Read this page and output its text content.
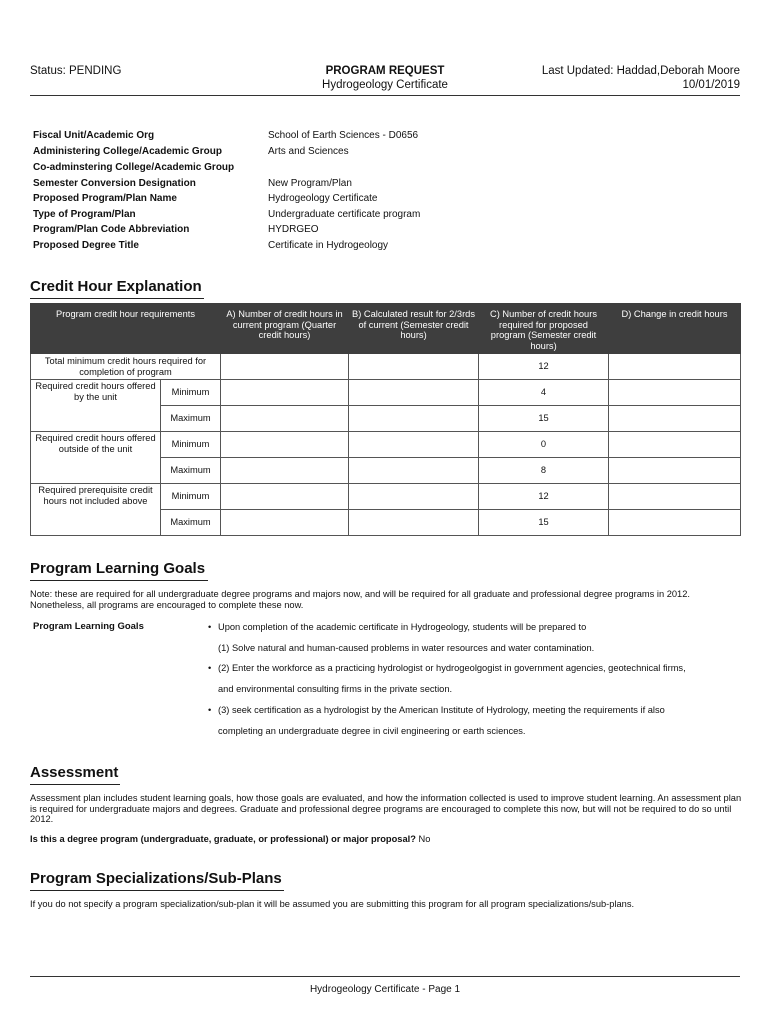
Status: PENDING	PROGRAM REQUEST
Hydrogeology Certificate
Last Updated: Haddad,Deborah Moore
10/01/2019
Fiscal Unit/Academic Org	School of Earth Sciences - D0656
Administering College/Academic Group	Arts and Sciences
Co-adminstering College/Academic Group
Semester Conversion Designation	New Program/Plan
Proposed Program/Plan Name	Hydrogeology Certificate
Type of Program/Plan	Undergraduate certificate program
Program/Plan Code Abbreviation	HYDRGEO
Proposed Degree Title	Certificate in Hydrogeology
Credit Hour Explanation
Program credit hour requirements		A) Number of credit hours in current program (Quarter credit hours)	B) Calculated result for 2/3rds of current (Semester credit hours)	C) Number of credit hours required for proposed program (Semester credit hours)	D) Change in credit hours
Total minimum credit hours required for completion of program				12	
Required credit hours offered by the unit	Minimum			4	
	Maximum			15	
Required credit hours offered outside of the unit	Minimum			0	
	Maximum			8	
Required prerequisite credit hours not included above	Minimum			12	
	Maximum			15	
Program Learning Goals
Note: these are required for all undergraduate degree programs and majors now, and will be required for all graduate and professional degree programs in 2012. Nonetheless, all programs are encouraged to complete these now.
Program Learning Goals	• Upon completion of the academic certificate in Hydrogeology, students will be prepared to
(1) Solve natural and human-caused problems in water resources and water contamination.
• (2) Enter the workforce as a practicing hydrologist or hydrogeolgogist in government agencies, geotechnical firms,
and environmental consulting firms in the private section.
• (3) seek certification as a hydrologist by the American Institute of Hydrology, meeting the requirements if also
completing an undergraduate degree in civil engineering or earth sciences.
Assessment
Assessment plan includes student learning goals, how those goals are evaluated, and how the information collected is used to improve student learning. An assessment plan is required for undergraduate majors and degrees. Graduate and professional degree programs are encouraged to complete this now, but will not be required to do so until 2012.
Is this a degree program (undergraduate, graduate, or professional) or major proposal? No
Program Specializations/Sub-Plans
If you do not specify a program specialization/sub-plan it will be assumed you are submitting this program for all program specializations/sub-plans.
Hydrogeology Certificate - Page 1
